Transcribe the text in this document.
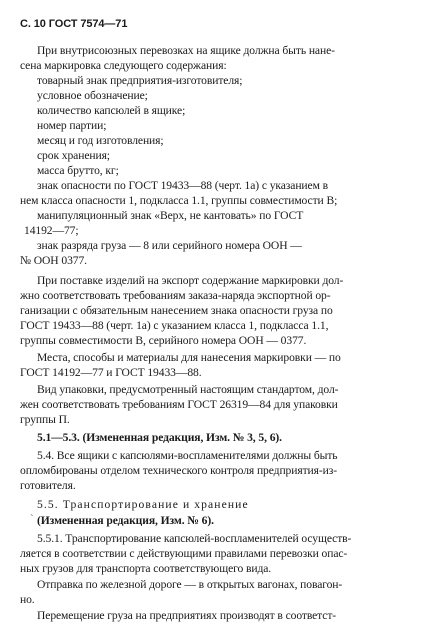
С. 10 ГОСТ 7574—71
При внутрисоюзных перевозках на ящике должна быть нане-
сена маркировка следующего содержания:
товарный знак предприятия-изготовителя;
условное обозначение;
количество капсюлей в ящике;
номер партии;
месяц и год изготовления;
срок хранения;
масса брутто, кг;
знак опасности по ГОСТ 19433—88 (черт. 1а) с указанием в
нем класса опасности 1, подкласса 1.1, группы совместимости В;
манипуляционный знак «Верх, не кантовать» по ГОСТ
14192—77;
знак разряда груза — 8 или серийного номера ООН —
№ ООН 0377.
При поставке изделий на экспорт содержание маркировки дол-
жно соответствовать требованиям заказа-наряда экспортной ор-
ганизации с обязательным нанесением знака опасности груза по
ГОСТ 19433—88 (черт. 1а) с указанием класса 1, подкласса 1.1,
группы совместимости В, серийного номера ООН — 0377.
Места, способы и материалы для нанесения маркировки — по
ГОСТ 14192—77 и ГОСТ 19433—88.
Вид упаковки, предусмотренный настоящим стандартом, дол-
жен соответствовать требованиям ГОСТ 26319—84 для упаковки
группы П.
5.1—5.3. (Измененная редакция, Изм. № 3, 5, 6).
5.4. Все ящики с капсюлями-воспламенителями должны быть
опломбированы отделом технического контроля предприятия-из-
готовителя.
5.5. Транспортирование и хранение
` (Измененная редакция, Изм. № 6).
5.5.1. Транспортирование капсюлей-воспламенителей осуществ-
ляется в соответствии с действующими правилами перевозки опас-
ных грузов для транспорта соответствующего вида.
Отправка по железной дороге — в открытых вагонах, повагон-
но.
Перемещение груза на предприятиях производят в соответст-
